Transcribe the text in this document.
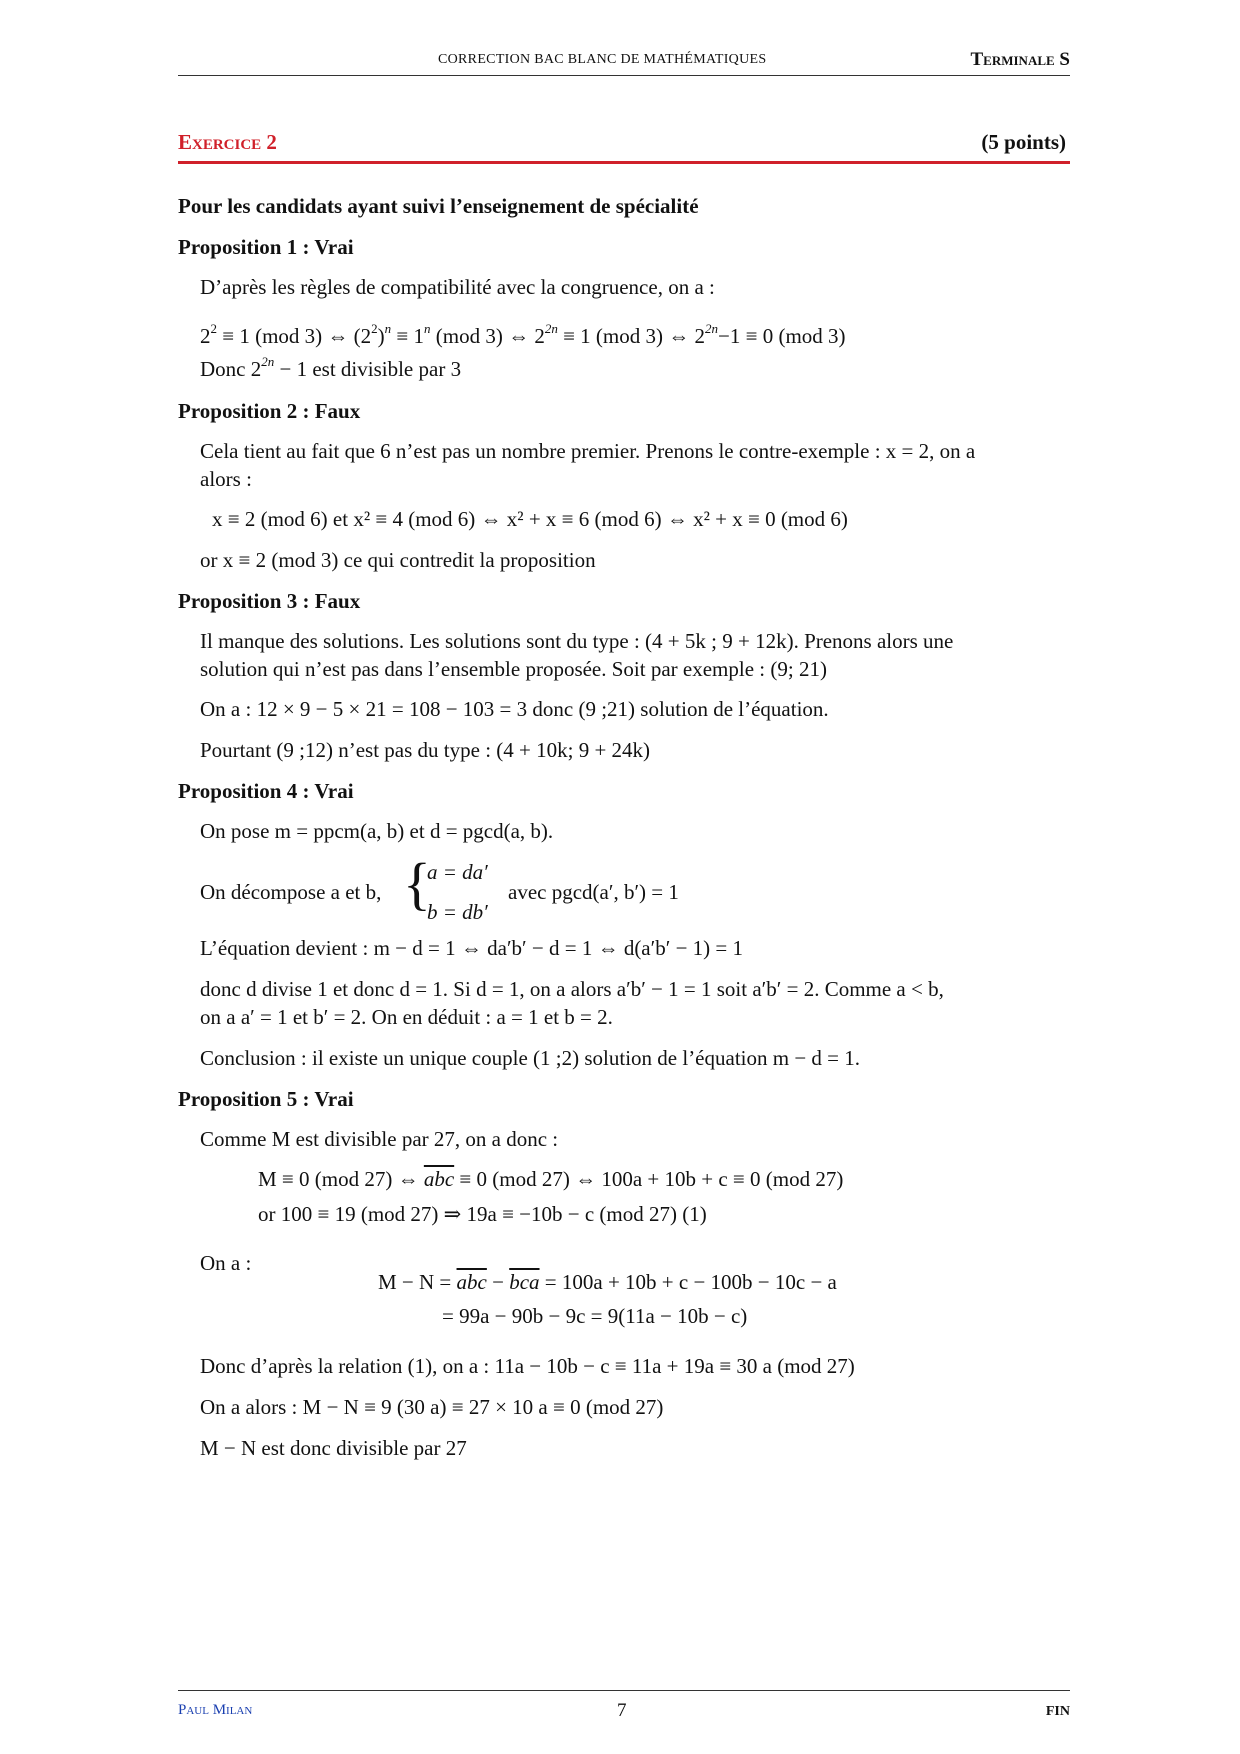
CORRECTION BAC BLANC DE MATHÉMATIQUES	Terminale S
Exercice 2	(5 points)
Pour les candidats ayant suivi l’enseignement de spécialité
Proposition 1 : Vrai
D’après les règles de compatibilité avec la congruence, on a :
$2^2 \equiv 1$ (mod 3) ⇔ $(2^2)^n \equiv 1^n$ (mod 3) ⇔ $2^{2n} \equiv 1$ (mod 3) ⇔ $2^{2n}-1 \equiv 0$ (mod 3)
Donc $2^{2n} - 1$ est divisible par 3
Proposition 2 : Faux
Cela tient au fait que 6 n’est pas un nombre premier. Prenons le contre-exemple : x = 2, on a
alors :
x ≡ 2 (mod 6) et x² ≡ 4 (mod 6) ⇔ x² + x ≡ 6 (mod 6) ⇔ x² + x ≡ 0 (mod 6)
or x ≡ 2 (mod 3) ce qui contredit la proposition
Proposition 3 : Faux
Il manque des solutions. Les solutions sont du type : (4 + 5k ; 9 + 12k). Prenons alors une
solution qui n’est pas dans l’ensemble proposée. Soit par exemple : (9; 21)
On a : 12 × 9 − 5 × 21 = 108 − 103 = 3 donc (9 ;21) solution de l’équation.
Pourtant (9 ;12) n’est pas du type : (4 + 10k; 9 + 24k)
Proposition 4 : Vrai
On pose m = ppcm(a, b) et d = pgcd(a, b).
On décompose a et b, {
a = da′
b = db′
avec pgcd(a′, b′) = 1
L’équation devient : m − d = 1 ⇔ da′b′ − d = 1 ⇔ d(a′b′ − 1) = 1
donc d divise 1 et donc d = 1. Si d = 1, on a alors a′b′ − 1 = 1 soit a′b′ = 2. Comme a < b,
on a a′ = 1 et b′ = 2. On en déduit : a = 1 et b = 2.
Conclusion : il existe un unique couple (1 ;2) solution de l’équation m − d = 1.
Proposition 5 : Vrai
Comme M est divisible par 27, on a donc :
M ≡ 0 (mod 27) ⇔ $\overline{abc} \equiv 0$ (mod 27) ⇔ 100a + 10b + c ≡ 0 (mod 27)
or 100 ≡ 19 (mod 27) ⇒ 19a ≡ −10b − c (mod 27) (1)
On a :
$M - N = \overline{abc} - \overline{bca} = 100a + 10b + c - 100b - 10c - a$
= 99a − 90b − 9c = 9(11a − 10b − c)
Donc d’après la relation (1), on a : 11a − 10b − c ≡ 11a + 19a ≡ 30 a (mod 27)
On a alors : M − N ≡ 9 (30 a) ≡ 27 × 10 a ≡ 0 (mod 27)
M − N est donc divisible par 27
Paul Milan	7	FIN
